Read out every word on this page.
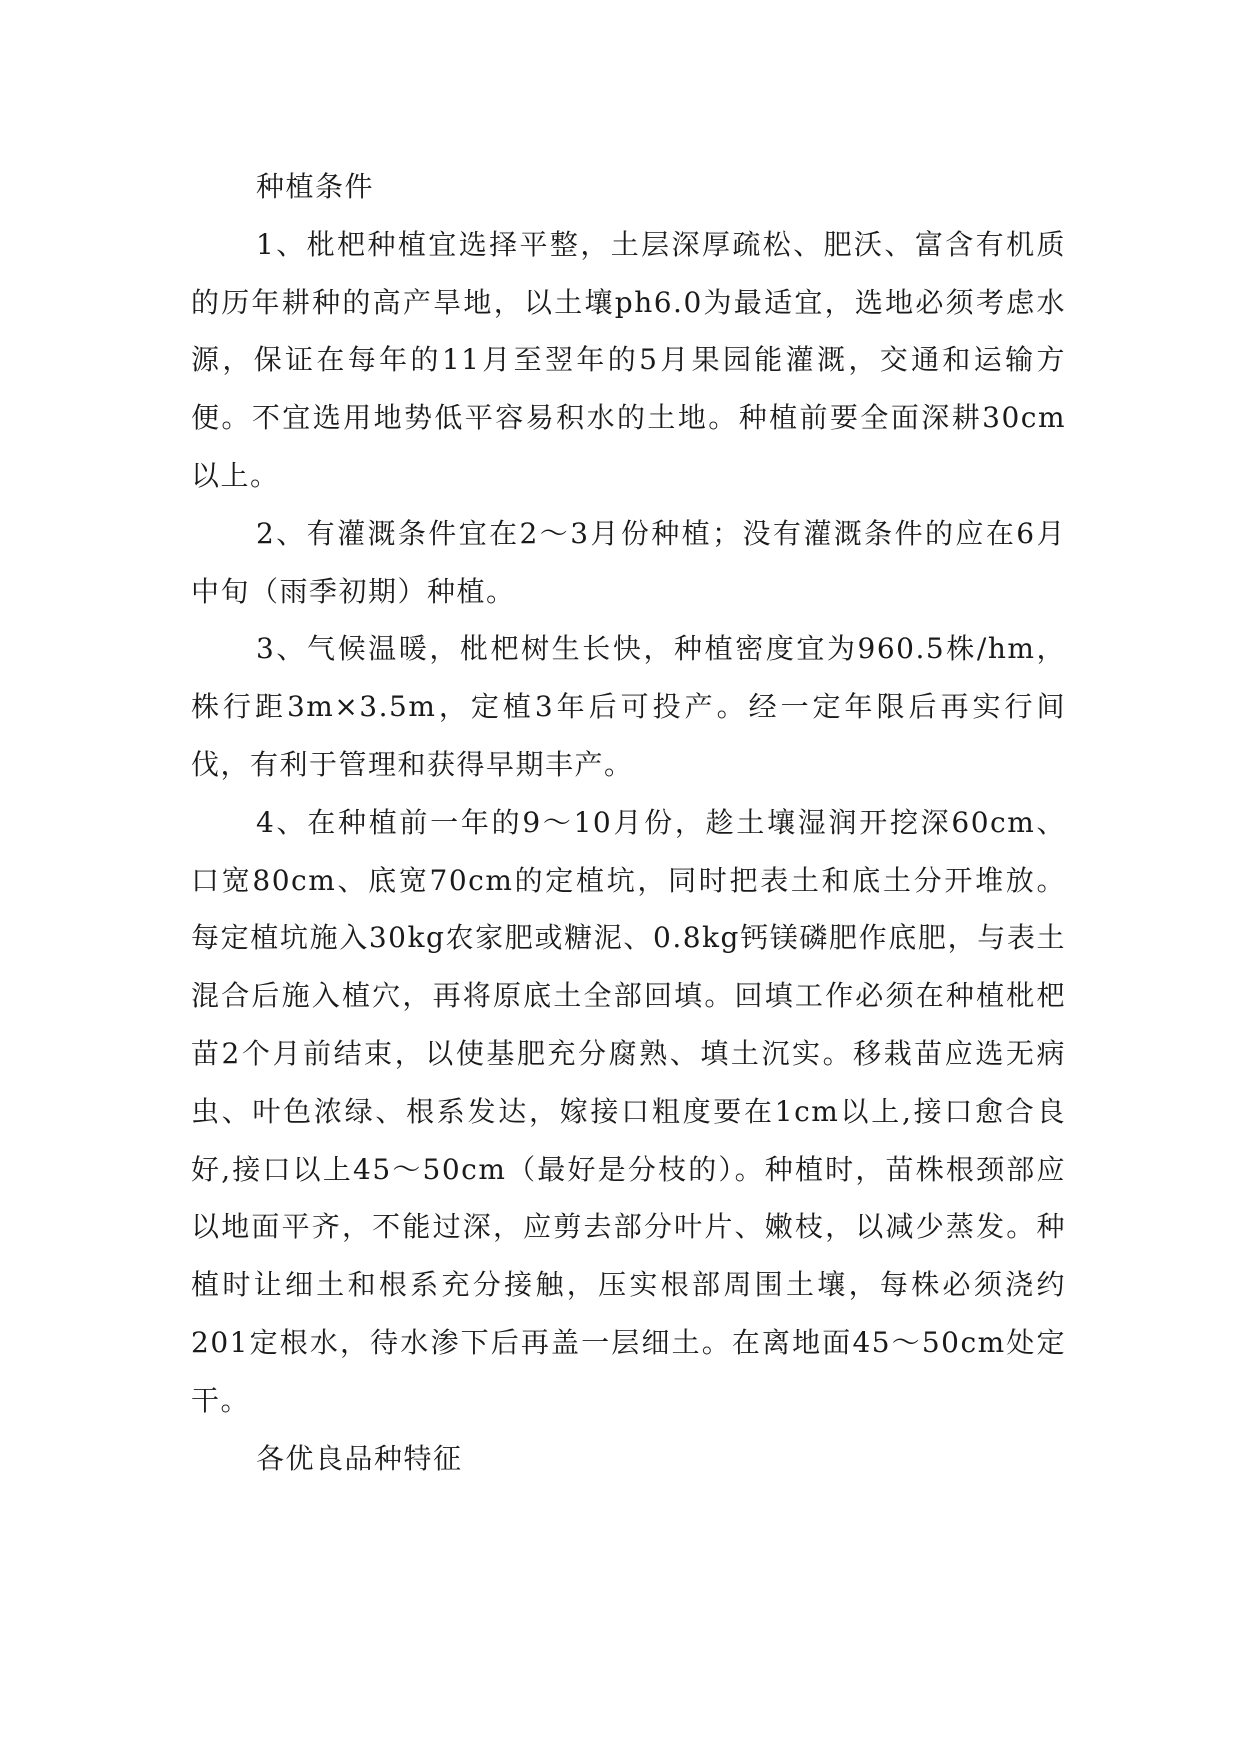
种植条件

1、枇杷种植宜选择平整，土层深厚疏松、肥沃、富含有机质的历年耕种的高产旱地，以土壤ph6.0为最适宜，选地必须考虑水源，保证在每年的11月至翌年的5月果园能灌溉，交通和运输方便。不宜选用地势低平容易积水的土地。种植前要全面深耕30cm以上。

2、有灌溉条件宜在2～3月份种植；没有灌溉条件的应在6月中旬（雨季初期）种植。

3、气候温暖，枇杷树生长快，种植密度宜为960.5株/hm，株行距3m×3.5m，定植3年后可投产。经一定年限后再实行间伐，有利于管理和获得早期丰产。

4、在种植前一年的9～10月份，趁土壤湿润开挖深60cm、口宽80cm、底宽70cm的定植坑，同时把表土和底土分开堆放。每定植坑施入30kg农家肥或糖泥、0.8kg钙镁磷肥作底肥，与表土混合后施入植穴，再将原底土全部回填。回填工作必须在种植枇杷苗2个月前结束，以使基肥充分腐熟、填土沉实。移栽苗应选无病虫、叶色浓绿、根系发达，嫁接口粗度要在1cm以上,接口愈合良好,接口以上45～50cm（最好是分枝的）。种植时，苗株根颈部应以地面平齐，不能过深，应剪去部分叶片、嫩枝，以减少蒸发。种植时让细土和根系充分接触，压实根部周围土壤，每株必须浇约201定根水，待水渗下后再盖一层细土。在离地面45～50cm处定干。

各优良品种特征
